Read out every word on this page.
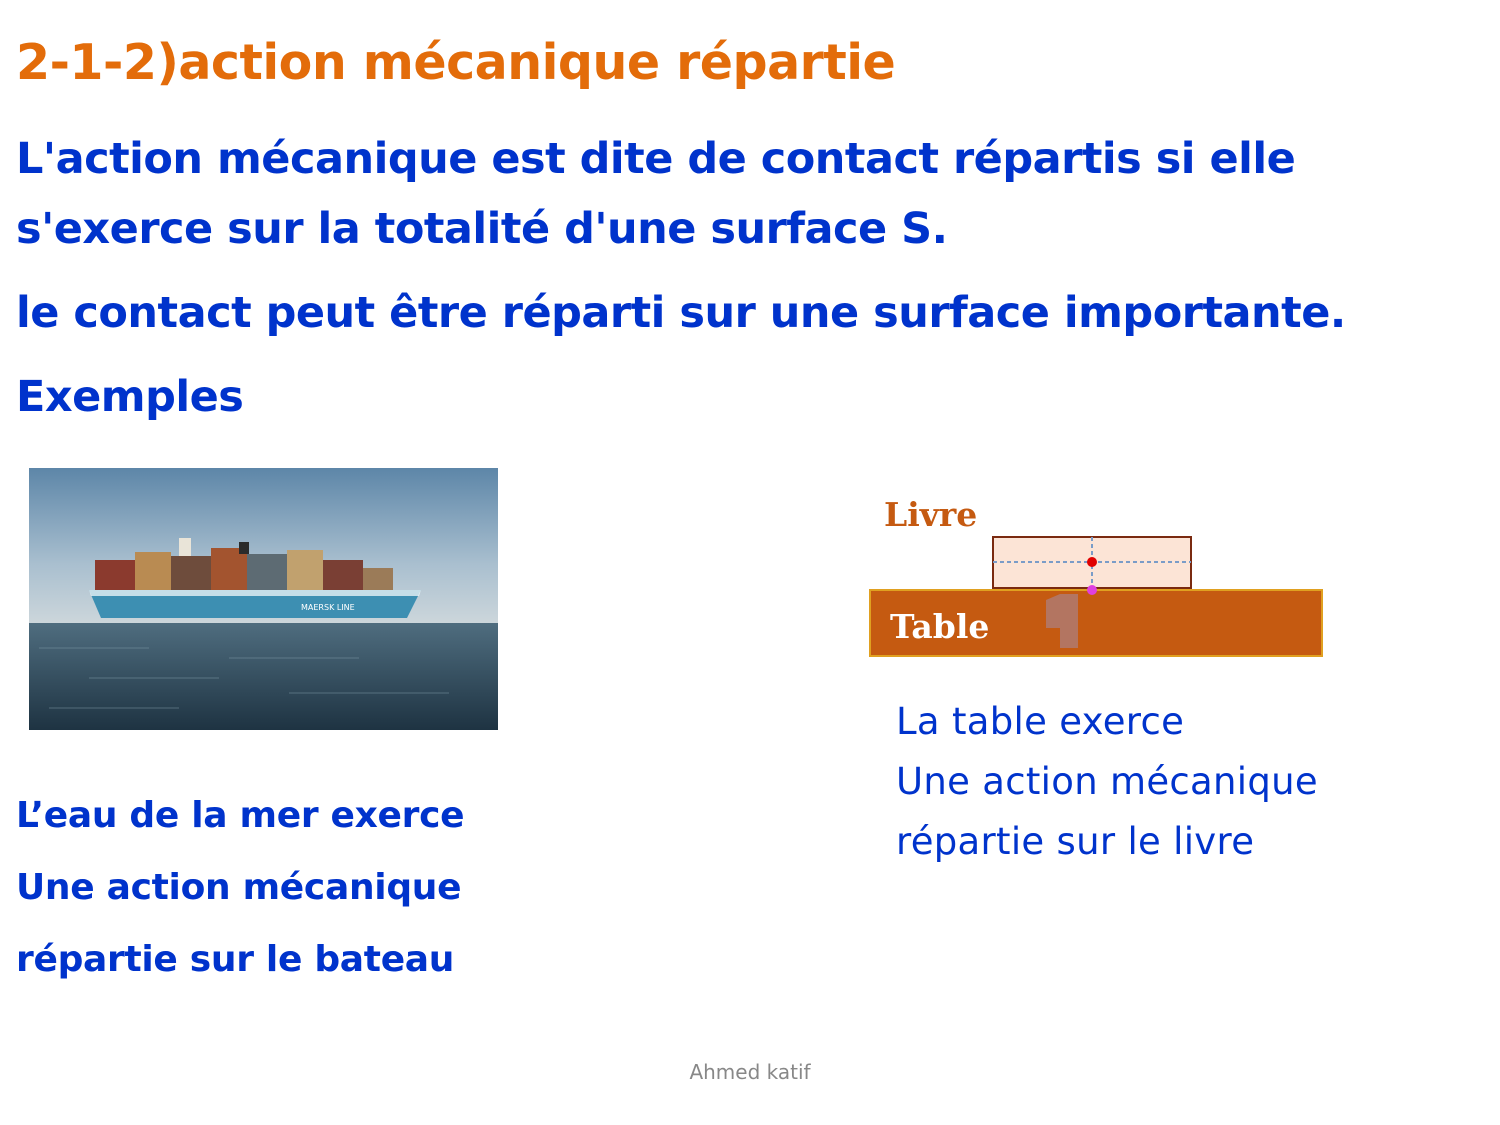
2-1-2)action mécanique répartie
L'action mécanique est dite de contact répartis si elle
s'exerce sur la totalité d'une surface S.
le contact peut être réparti sur une surface importante.
Exemples
MAERSK LINE
L’eau de la mer exerce
Une action mécanique
répartie sur le bateau
Livre
Table
La table exerce
Une action mécanique
répartie sur le livre
Ahmed katif
